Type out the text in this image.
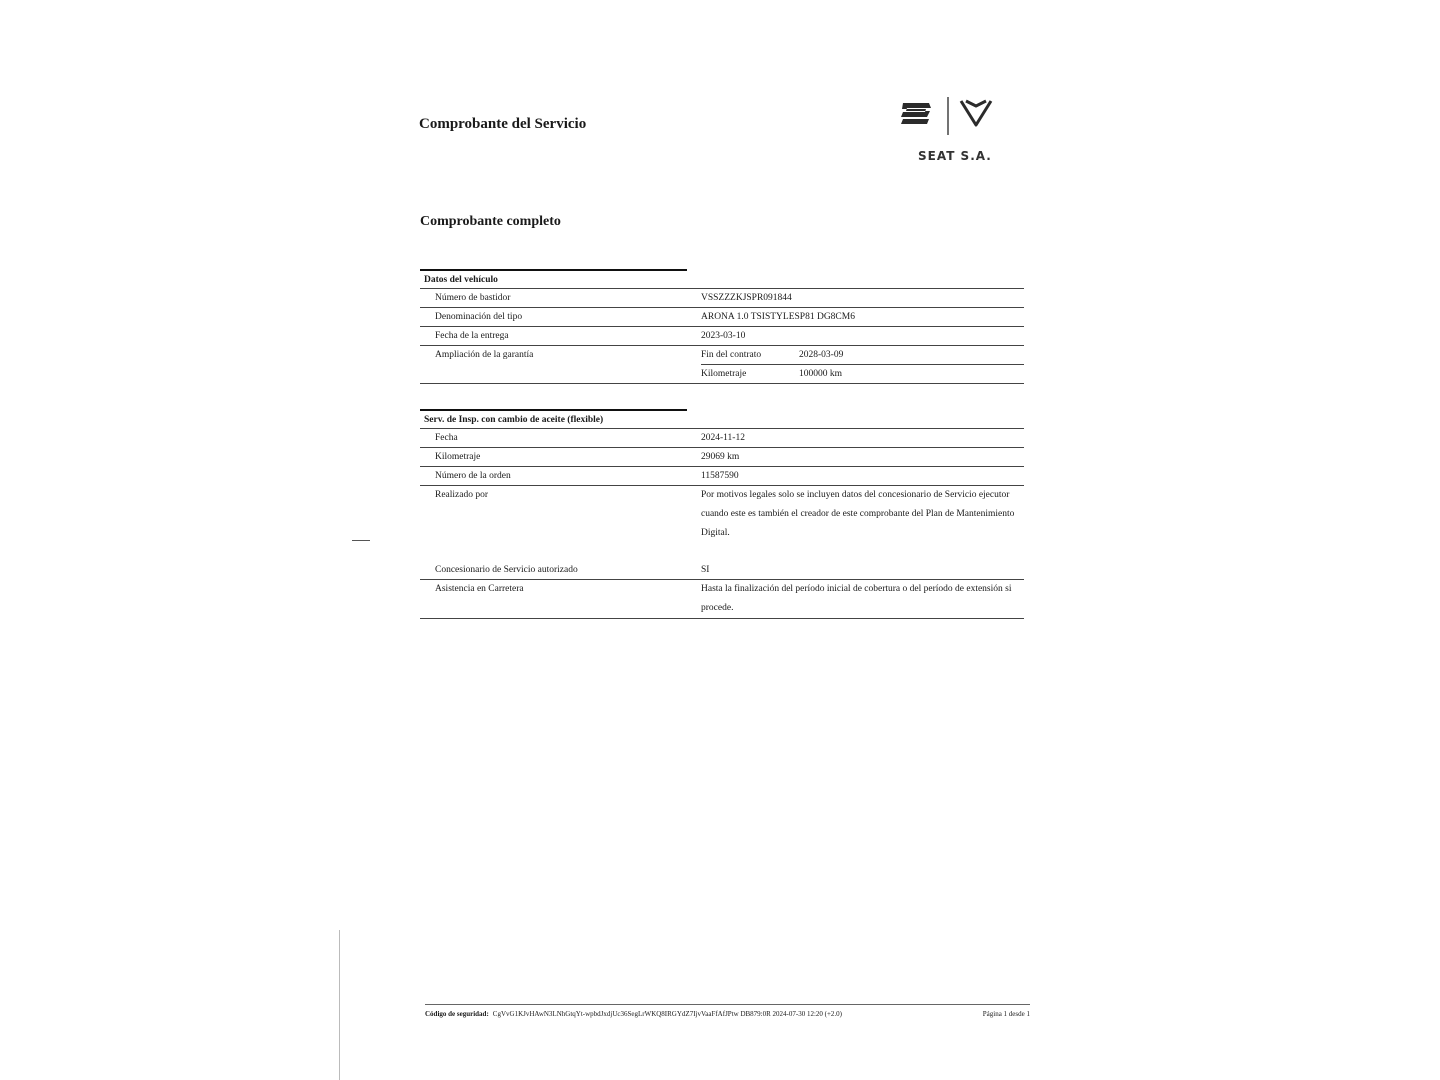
Comprobante del Servicio
SEAT S.A.
Comprobante completo
Datos del vehículo
Número de bastidor	VSSZZZKJSPR091844
Denominación del tipo	ARONA 1.0 TSISTYLESP81 DG8CM6
Fecha de la entrega	2023-03-10
Ampliación de la garantía	Fin del contrato	2028-03-09
Kilometraje	100000 km
Serv. de Insp. con cambio de aceite (flexible)
Fecha	2024-11-12
Kilometraje	29069 km
Número de la orden	11587590
Realizado por	Por motivos legales solo se incluyen datos del concesionario de Servicio ejecutor cuando este es también el creador de este comprobante del Plan de Mantenimiento Digital.
Concesionario de Servicio autorizado	SI
Asistencia en Carretera	Hasta la finalización del período inicial de cobertura o del período de extensión si procede.
Código de seguridad: CgVvG1KJvHAwN3LNhGtqYt-wpbdJxdjUc36SegLrWKQ8IRGYdZ7IjvVaaFfAfJPtw DB879:0R 2024-07-30 12:20 (+2.0)	Página 1 desde 1
